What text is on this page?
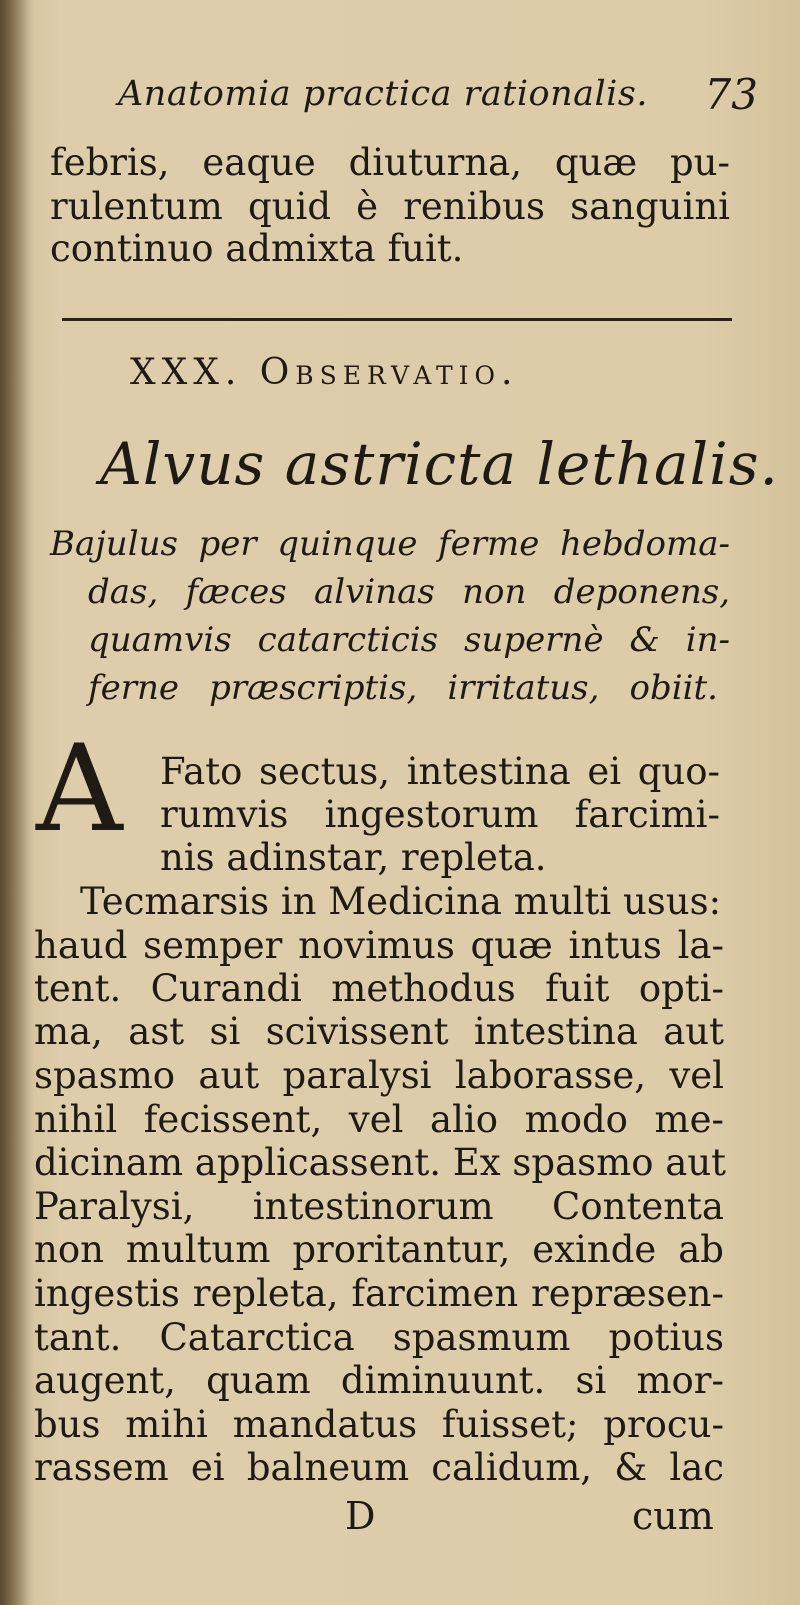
Anatomia practica rationalis. 73
febris, eaque diuturna, quæ pu-
rulentum quid è renibus sanguini
continuo admixta fuit.
XXX. Observatio.
Alvus astricta lethalis.
Bajulus per quinque ferme hebdoma-
das, fæces alvinas non deponens,
quamvis catarcticis supernè & in-
ferne præscriptis, irritatus, obiit.
A	Fato sectus, intestina ei quo-
rumvis ingestorum farcimi-
nis adinstar, repleta.
Tecmarsis in Medicina multi usus:
haud semper novimus quæ intus la-
tent. Curandi methodus fuit opti-
ma, ast si scivissent intestina aut
spasmo aut paralysi laborasse, vel
nihil fecissent, vel alio modo me-
dicinam applicassent. Ex spasmo aut
Paralysi, intestinorum Contenta
non multum proritantur, exinde ab
ingestis repleta, farcimen repræsen-
tant. Catarctica spasmum potius
augent, quam diminuunt. si mor-
bus mihi mandatus fuisset; procu-
rassem ei balneum calidum, & lac
D	cum
